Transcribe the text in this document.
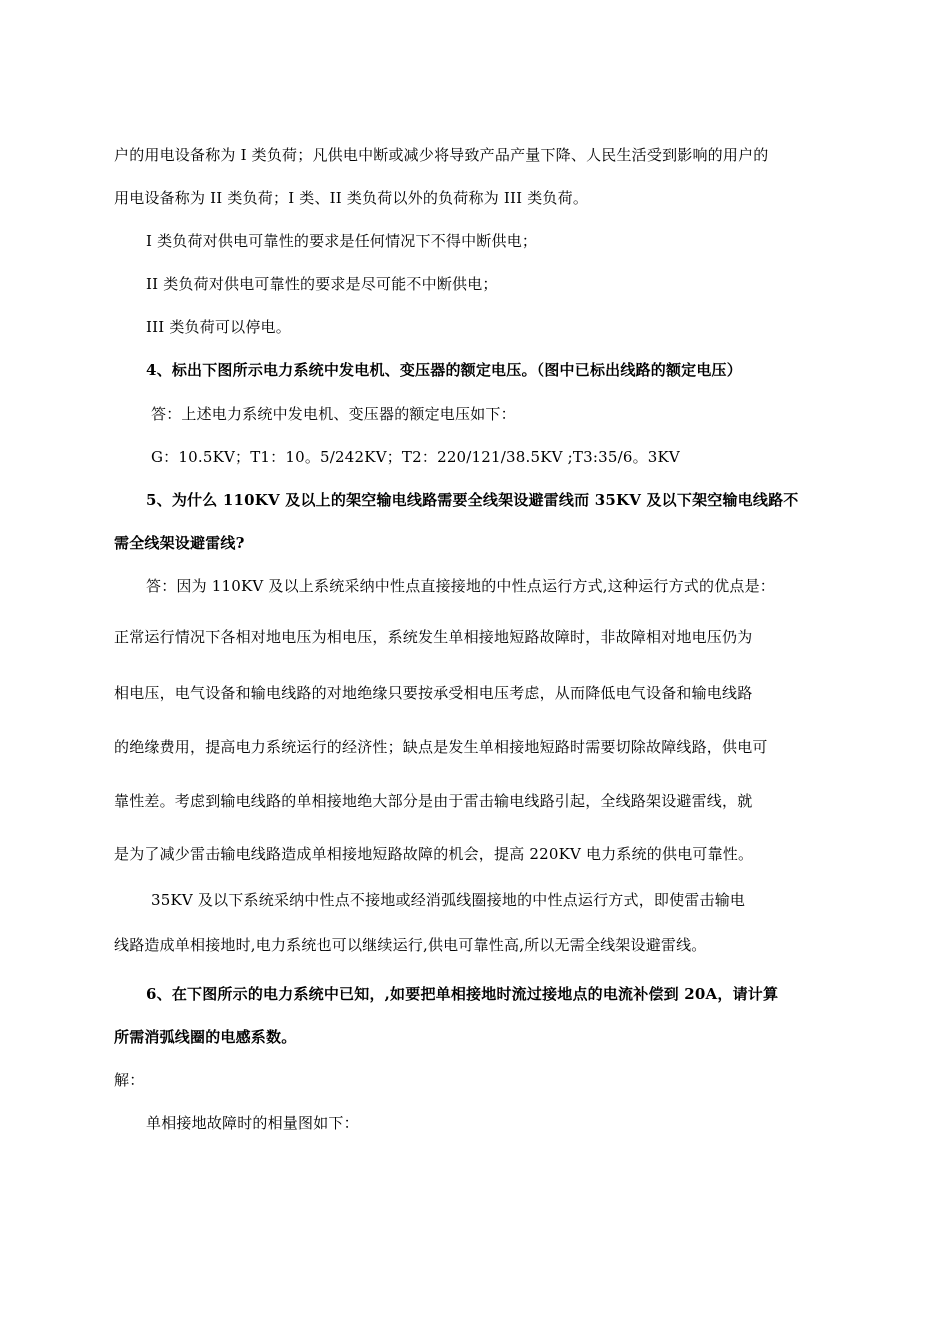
户的用电设备称为 I 类负荷；凡供电中断或减少将导致产品产量下降、人民生活受到影响的用户的
用电设备称为 II 类负荷；I 类、II 类负荷以外的负荷称为 III 类负荷。
I 类负荷对供电可靠性的要求是任何情况下不得中断供电；
II 类负荷对供电可靠性的要求是尽可能不中断供电；
III 类负荷可以停电。
4、标出下图所示电力系统中发电机、变压器的额定电压。（图中已标出线路的额定电压）
答：上述电力系统中发电机、变压器的额定电压如下：
G：10.5KV；T1：10。5/242KV；T2：220/121/38.5KV ;T3:35/6。3KV
5、为什么 110KV 及以上的架空输电线路需要全线架设避雷线而 35KV 及以下架空输电线路不
需全线架设避雷线?
答：因为 110KV 及以上系统采纳中性点直接接地的中性点运行方式,这种运行方式的优点是：
正常运行情况下各相对地电压为相电压，系统发生单相接地短路故障时，非故障相对地电压仍为
相电压，电气设备和输电线路的对地绝缘只要按承受相电压考虑，从而降低电气设备和输电线路
的绝缘费用，提高电力系统运行的经济性；缺点是发生单相接地短路时需要切除故障线路，供电可
靠性差。考虑到输电线路的单相接地绝大部分是由于雷击输电线路引起，全线路架设避雷线，就
是为了减少雷击输电线路造成单相接地短路故障的机会，提高 220KV 电力系统的供电可靠性。
35KV 及以下系统采纳中性点不接地或经消弧线圈接地的中性点运行方式，即使雷击输电
线路造成单相接地时,电力系统也可以继续运行,供电可靠性高,所以无需全线架设避雷线。
6、在下图所示的电力系统中已知，,如要把单相接地时流过接地点的电流补偿到 20A，请计算
所需消弧线圈的电感系数。
解：
单相接地故障时的相量图如下：
